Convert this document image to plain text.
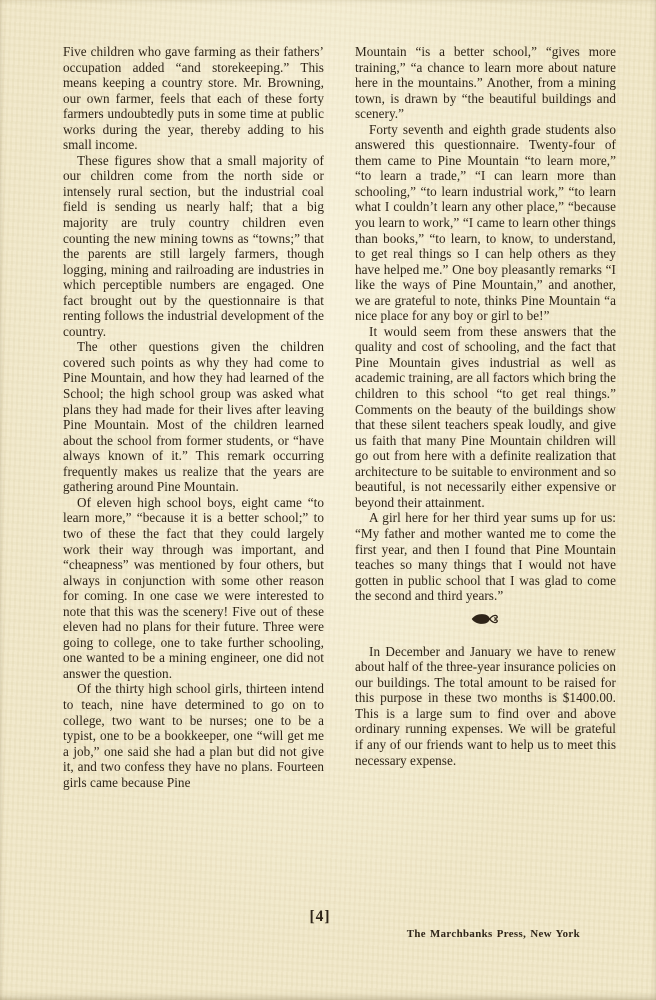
Five children who gave farming as their fathers’ occupation added “and storekeeping.” This means keeping a country store. Mr. Browning, our own farmer, feels that each of these forty farmers undoubtedly puts in some time at public works during the year, thereby adding to his small income.

These figures show that a small majority of our children come from the north side or intensely rural section, but the industrial coal field is sending us nearly half; that a big majority are truly country children even counting the new mining towns as “towns;” that the parents are still largely farmers, though logging, mining and railroading are industries in which perceptible numbers are engaged. One fact brought out by the questionnaire is that renting follows the industrial development of the country.

The other questions given the children covered such points as why they had come to Pine Mountain, and how they had learned of the School; the high school group was asked what plans they had made for their lives after leaving Pine Mountain. Most of the children learned about the school from former students, or “have always known of it.” This remark occurring frequently makes us realize that the years are gathering around Pine Mountain.

Of eleven high school boys, eight came “to learn more,” “because it is a better school;” to two of these the fact that they could largely work their way through was important, and “cheapness” was mentioned by four others, but always in conjunction with some other reason for coming. In one case we were interested to note that this was the scenery! Five out of these eleven had no plans for their future. Three were going to college, one to take further schooling, one wanted to be a mining engineer, one did not answer the question.

Of the thirty high school girls, thirteen intend to teach, nine have determined to go on to college, two want to be nurses; one to be a typist, one to be a bookkeeper, one “will get me a job,” one said she had a plan but did not give it, and two confess they have no plans. Fourteen girls came because Pine

Mountain “is a better school,” “gives more training,” “a chance to learn more about nature here in the mountains.” Another, from a mining town, is drawn by “the beautiful buildings and scenery.”

Forty seventh and eighth grade students also answered this questionnaire. Twenty-four of them came to Pine Mountain “to learn more,” “to learn a trade,” “I can learn more than schooling,” “to learn industrial work,” “to learn what I couldn’t learn any other place,” “because you learn to work,” “I came to learn other things than books,” “to learn, to know, to understand, to get real things so I can help others as they have helped me.” One boy pleasantly remarks “I like the ways of Pine Mountain,” and another, we are grateful to note, thinks Pine Mountain “a nice place for any boy or girl to be!”

It would seem from these answers that the quality and cost of schooling, and the fact that Pine Mountain gives industrial as well as academic training, are all factors which bring the children to this school “to get real things.” Comments on the beauty of the buildings show that these silent teachers speak loudly, and give us faith that many Pine Mountain children will go out from here with a definite realization that architecture to be suitable to environment and so beautiful, is not necessarily either expensive or beyond their attainment.

A girl here for her third year sums up for us: “My father and mother wanted me to come the first year, and then I found that Pine Mountain teaches so many things that I would not have gotten in public school that I was glad to come the second and third years.”

In December and January we have to renew about half of the three-year insurance policies on our buildings. The total amount to be raised for this purpose in these two months is $1400.00. This is a large sum to find over and above ordinary running expenses. We will be grateful if any of our friends want to help us to meet this necessary expense.

[4]
The Marchbanks Press, New York
